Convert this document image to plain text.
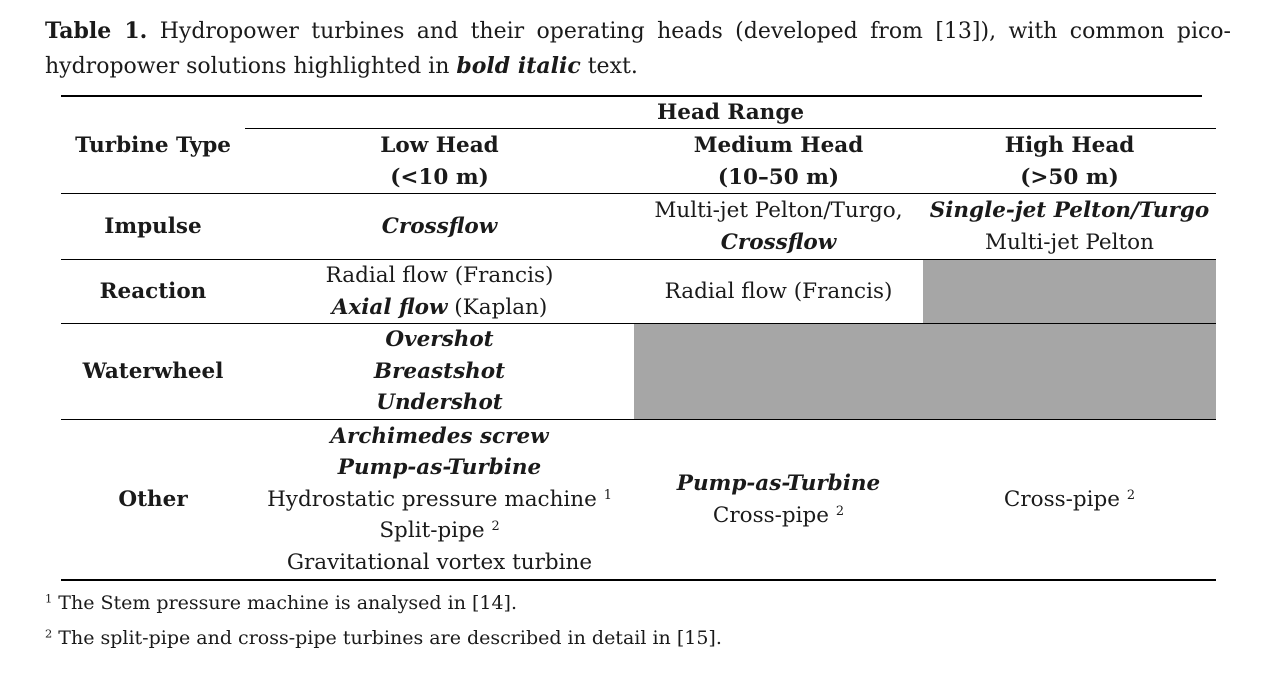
Table 1. Hydropower turbines and their operating heads (developed from [13]), with common pico-hydropower solutions highlighted in bold italic text.
Turbine Type
Head Range
Low Head
(<10 m)
Medium Head
(10–50 m)
High Head
(>50 m)
Impulse	Crossflow
Multi-jet Pelton/Turgo,
Crossflow
Single-jet Pelton/Turgo
Multi-jet Pelton
Reaction
Radial flow (Francis)
Axial flow (Kaplan)
Radial flow (Francis)
Waterwheel
Overshot
Breastshot
Undershot
Other
Archimedes screw
Pump-as-Turbine
Hydrostatic pressure machine $^1$
Split-pipe $^2$
Gravitational vortex turbine
Pump-as-Turbine
Cross-pipe $^2$	Cross-pipe $^2$
$^1$ The Stem pressure machine is analysed in [14].
$^2$ The split-pipe and cross-pipe turbines are described in detail in [15].
